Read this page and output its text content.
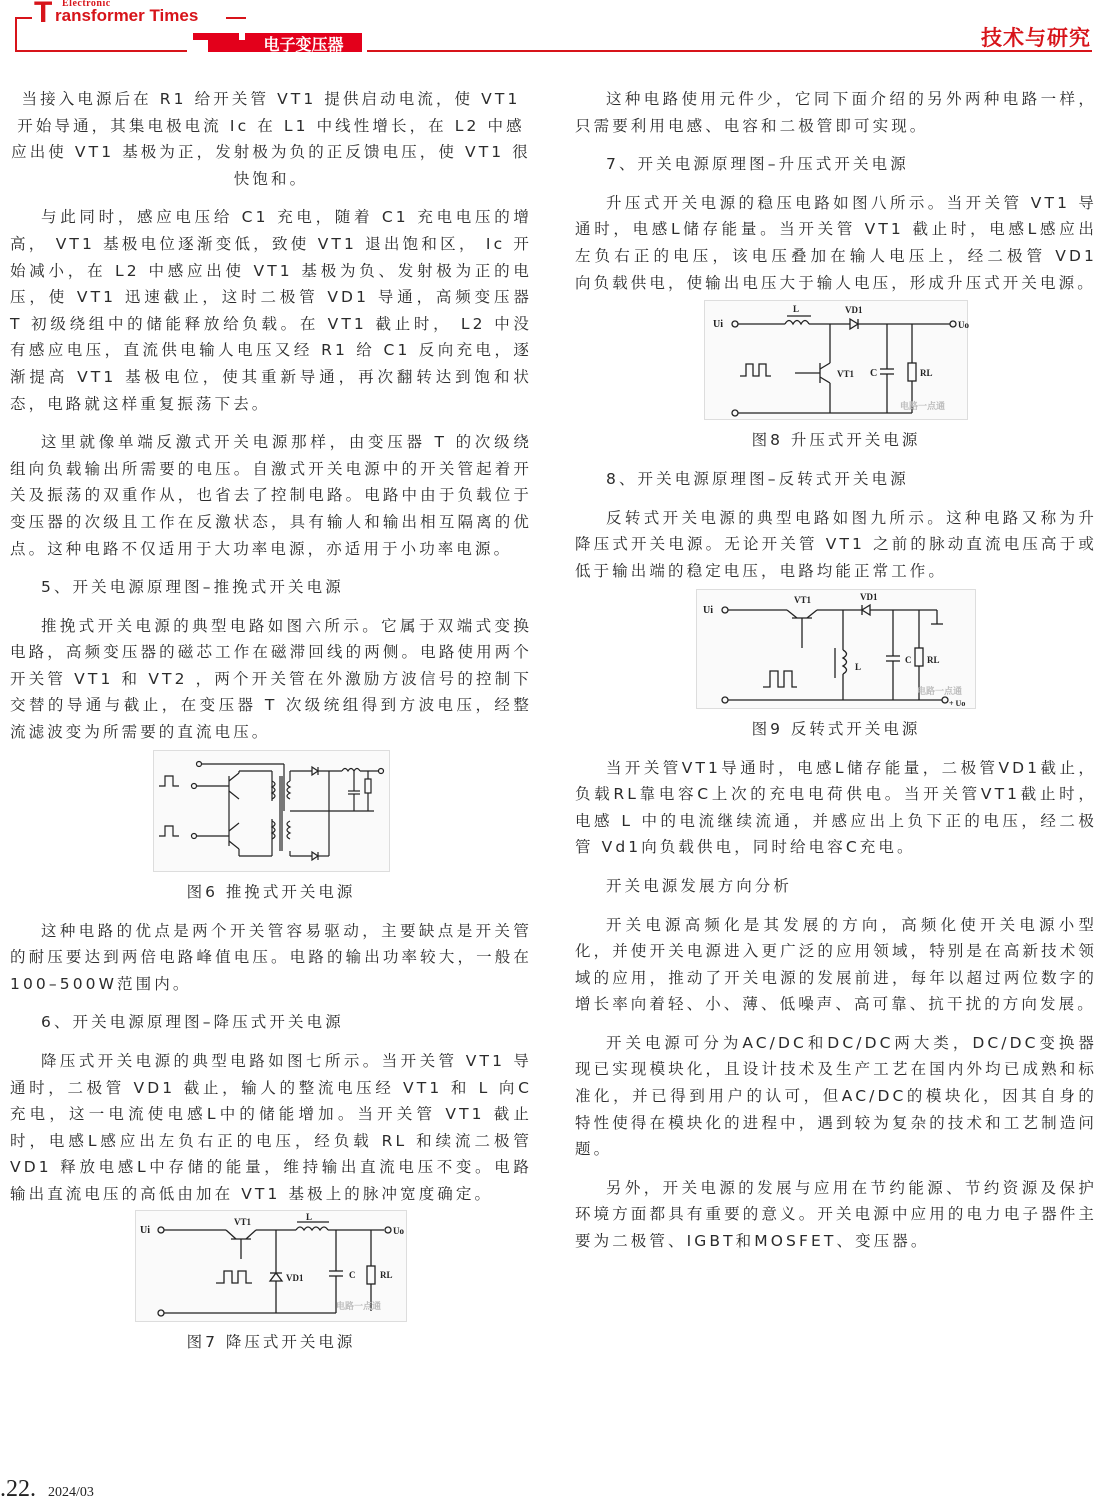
T Electronic
ransformer Times
电子变压器	技术与研究

当接入电源后在 R1 给开关管 VT1 提供启动电流，使 VT1 开始导通，其集电极电流 Ic 在 L1 中线性增长，在 L2 中感应出使 VT1 基极为正，发射极为负的正反馈电压，使 VT1 很快饱和。

与此同时，感应电压给 C1 充电，随着 C1 充电电压的增高， VT1 基极电位逐渐变低，致使 VT1 退出饱和区， Ic 开始减小，在 L2 中感应出使 VT1 基极为负、发射极为正的电压，使 VT1 迅速截止，这时二极管 VD1 导通，高频变压器 T 初级绕组中的储能释放给负载。在 VT1 截止时， L2 中没有感应电压，直流供电输人电压又经 R1 给 C1 反向充电，逐渐提高 VT1 基极电位，使其重新导通，再次翻转达到饱和状态，电路就这样重复振荡下去。

这里就像单端反激式开关电源那样，由变压器 T 的次级绕组向负载输出所需要的电压。自激式开关电源中的开关管起着开关及振荡的双重作从，也省去了控制电路。电路中由于负载位于变压器的次级且工作在反激状态，具有输人和输出相互隔离的优点。这种电路不仅适用于大功率电源，亦适用于小功率电源。

5、开关电源原理图–推挽式开关电源

推挽式开关电源的典型电路如图六所示。它属于双端式变换电路，高频变压器的磁芯工作在磁滞回线的两侧。电路使用两个开关管 VT1 和 VT2 ，两个开关管在外激励方波信号的控制下交替的导通与截止，在变压器 T 次级统组得到方波电压，经整流滤波变为所需要的直流电压。

图6 推挽式开关电源

这种电路的优点是两个开关管容易驱动，主要缺点是开关管的耐压要达到两倍电路峰值电压。电路的输出功率较大，一般在 100–500W范围内。

6、开关电源原理图–降压式开关电源

降压式开关电源的典型电路如图七所示。当开关管 VT1 导通时，二极管 VD1 截止，输人的整流电压经 VT1 和 L 向C充电，这一电流使电感L中的储能增加。当开关管 VT1 截止时，电感L感应出左负右正的电压，经负载 RL 和续流二极管 VD1 释放电感L中存储的能量，维持输出直流电压不变。电路输出直流电压的高低由加在 VT1 基极上的脉冲宽度确定。

Ui
VT1	L
Uo
VD1	C	RL
电路一点通
图7 降压式开关电源

这种电路使用元件少，它同下面介绍的另外两种电路一样，只需要利用电感、电容和二极管即可实现。

7、开关电源原理图–升压式开关电源

升压式开关电源的稳压电路如图八所示。当开关管 VT1 导通时，电感L储存能量。当开关管 VT1 截止时，电感L感应出左负右正的电压，该电压叠加在输人电压上，经二极管 VD1 向负载供电，使输出电压大于输人电压，形成升压式开关电源。

Ui
L	VD1
Uo
VT1 C	RL
电路一点通
图8 升压式开关电源

8、开关电源原理图–反转式开关电源

反转式开关电源的典型电路如图九所示。这种电路又称为升降压式开关电源。无论开关管 VT1 之前的脉动直流电压高于或低于输出端的稳定电压，电路均能正常工作。

Ui
VT1	VD1
L
C RL
+ Uo
电路一点通
图9 反转式开关电源

当开关管VT1导通时，电感L储存能量，二极管VD1截止，负载RL靠电容C上次的充电电荷供电。当开关管VT1截止时，电感 L 中的电流继续流通，并感应出上负下正的电压，经二极管 Vd1向负载供电，同时给电容C充电。

开关电源发展方向分析

开关电源高频化是其发展的方向，高频化使开关电源小型化，并使开关电源进入更广泛的应用领域，特别是在高新技术领域的应用，推动了开关电源的发展前进，每年以超过两位数字的增长率向着轻、小、薄、低噪声、高可靠、抗干扰的方向发展。

开关电源可分为AC/DC和DC/DC两大类，DC/DC变换器现已实现模块化，且设计技术及生产工艺在国内外均已成熟和标准化，并已得到用户的认可，但AC/DC的模块化，因其自身的特性使得在模块化的进程中，遇到较为复杂的技术和工艺制造问题。

另外，开关电源的发展与应用在节约能源、节约资源及保护环境方面都具有重要的意义。开关电源中应用的电力电子器件主要为二极管、IGBT和MOSFET、变压器。

.22. 2024/03
